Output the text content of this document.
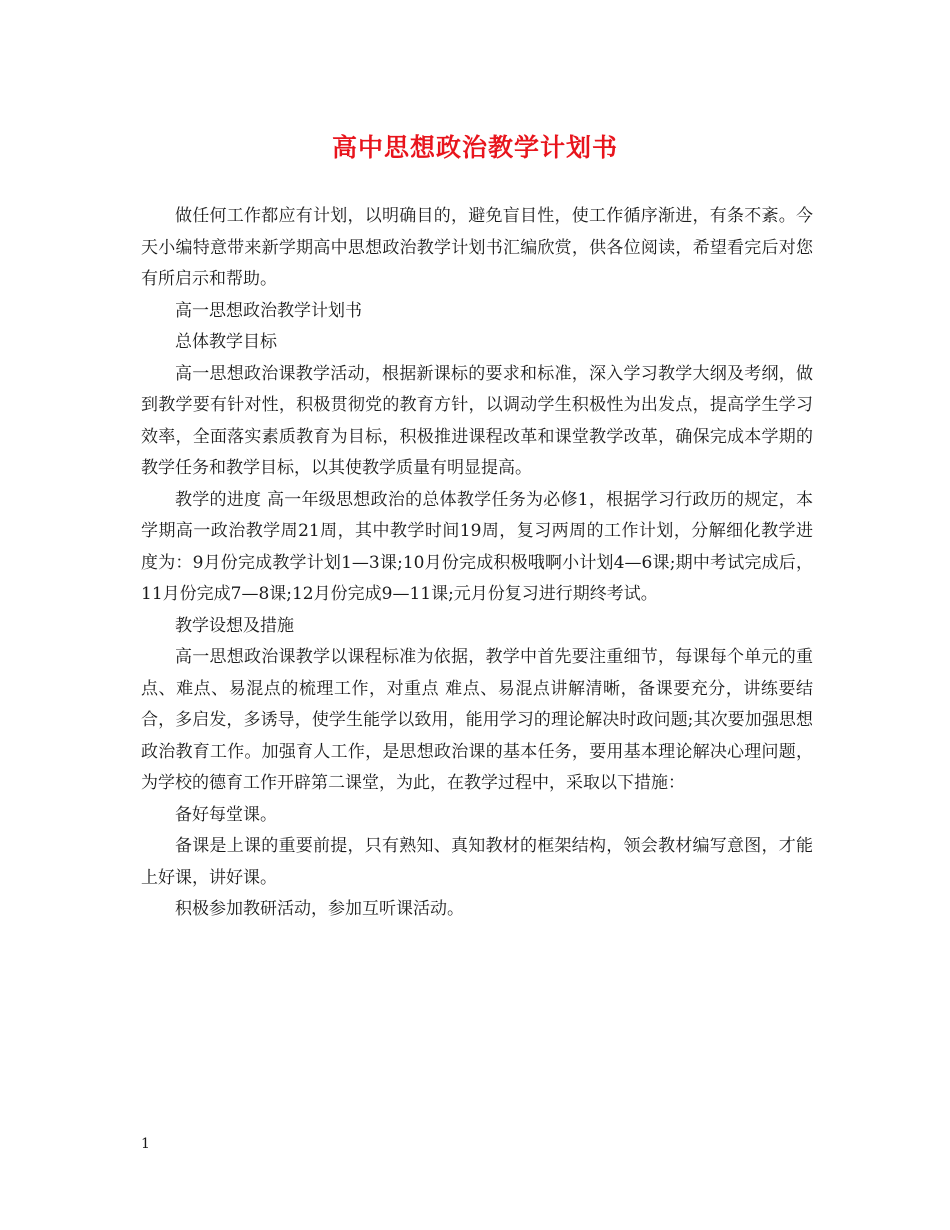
高中思想政治教学计划书

做任何工作都应有计划，以明确目的，避免盲目性，使工作循序渐进，有条不紊。今天小编特意带来新学期高中思想政治教学计划书汇编欣赏，供各位阅读，希望看完后对您有所启示和帮助。

高一思想政治教学计划书

总体教学目标

高一思想政治课教学活动，根据新课标的要求和标准，深入学习教学大纲及考纲，做到教学要有针对性，积极贯彻党的教育方针，以调动学生积极性为出发点，提高学生学习效率，全面落实素质教育为目标，积极推进课程改革和课堂教学改革，确保完成本学期的教学任务和教学目标，以其使教学质量有明显提高。

教学的进度 高一年级思想政治的总体教学任务为必修1，根据学习行政历的规定，本学期高一政治教学周21周，其中教学时间19周，复习两周的工作计划，分解细化教学进度为：9月份完成教学计划1—3课;10月份完成积极哦啊小计划4—6课;期中考试完成后，11月份完成7—8课;12月份完成9—11课;元月份复习进行期终考试。

教学设想及措施

高一思想政治课教学以课程标准为依据，教学中首先要注重细节，每课每个单元的重点、难点、易混点的梳理工作，对重点 难点、易混点讲解清晰，备课要充分，讲练要结合，多启发，多诱导，使学生能学以致用，能用学习的理论解决时政问题;其次要加强思想政治教育工作。加强育人工作，是思想政治课的基本任务，要用基本理论解决心理问题，为学校的德育工作开辟第二课堂，为此，在教学过程中，采取以下措施：

备好每堂课。

备课是上课的重要前提，只有熟知、真知教材的框架结构，领会教材编写意图，才能上好课，讲好课。

积极参加教研活动，参加互听课活动。

1
